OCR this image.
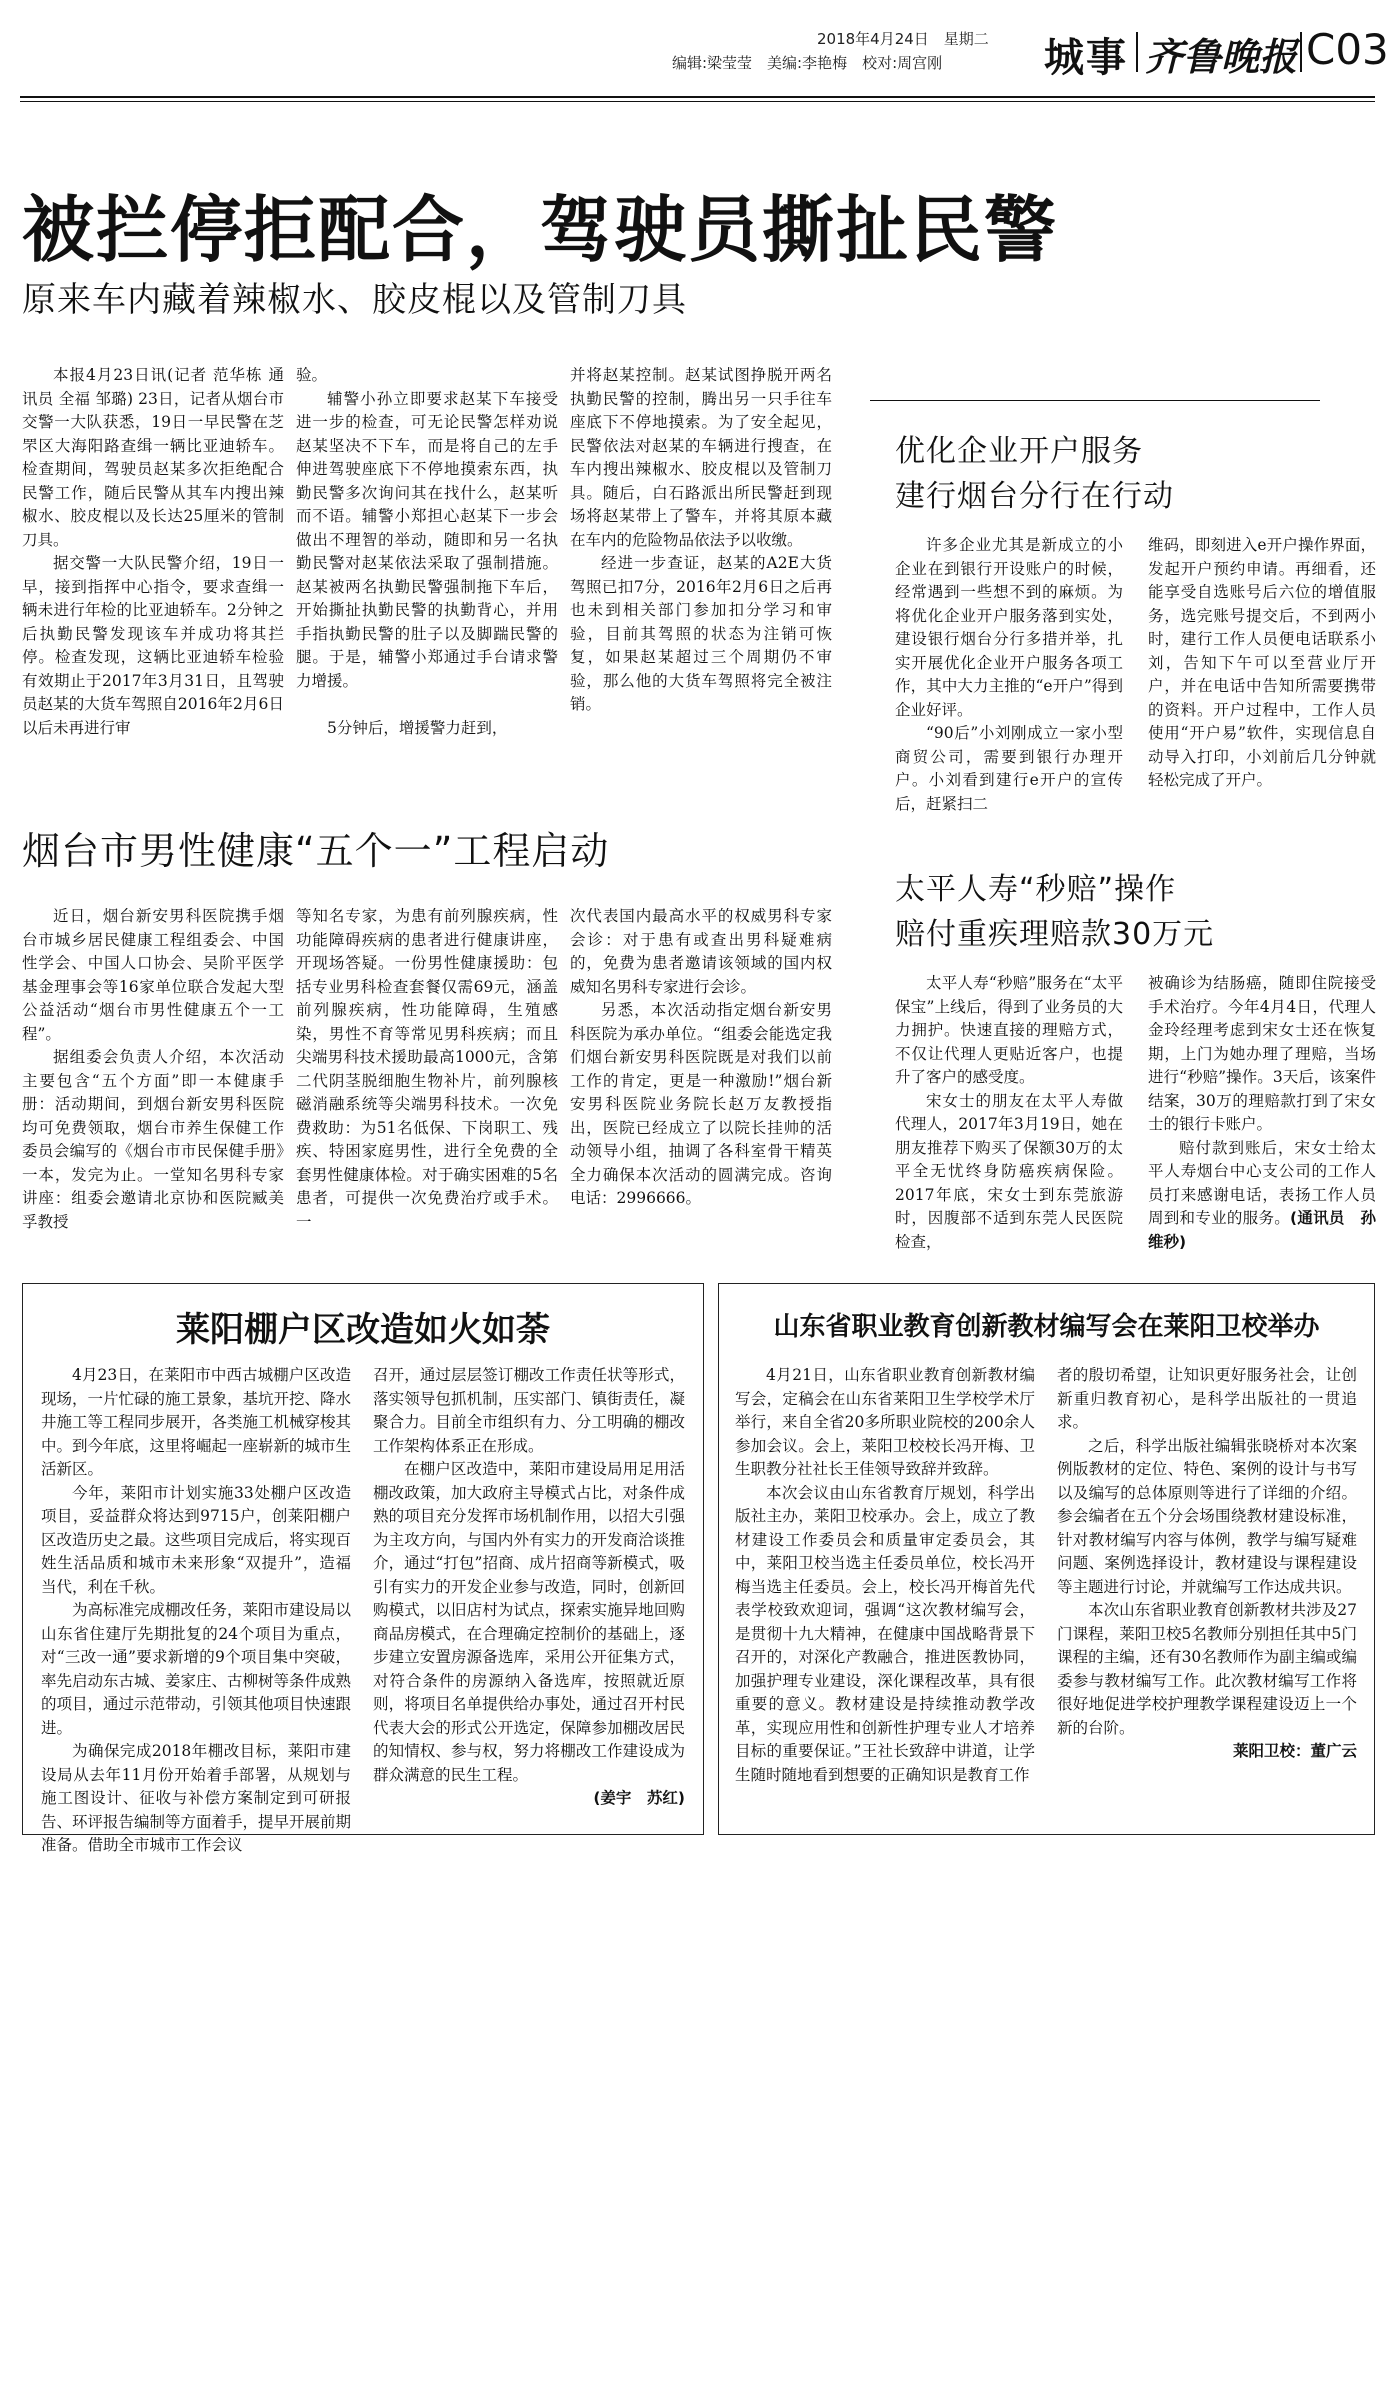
2018年4月24日　星期二
编辑:梁莹莹　美编:李艳梅　校对:周宫刚	城事 齐鲁晚报 C03
被拦停拒配合，驾驶员撕扯民警
原来车内藏着辣椒水、胶皮棍以及管制刀具

本报4月23日讯(记者 范华栋 通讯员 全福 邹璐) 23日，记者从烟台市交警一大队获悉，19日一早民警在芝罘区大海阳路查缉一辆比亚迪轿车。检查期间，驾驶员赵某多次拒绝配合民警工作，随后民警从其车内搜出辣椒水、胶皮棍以及长达25厘米的管制刀具。

据交警一大队民警介绍，19日一早，接到指挥中心指令，要求查缉一辆未进行年检的比亚迪轿车。2分钟之后执勤民警发现该车并成功将其拦停。检查发现，这辆比亚迪轿车检验有效期止于2017年3月31日，且驾驶员赵某的大货车驾照自2016年2月6日以后未再进行审

验。

辅警小孙立即要求赵某下车接受进一步的检查，可无论民警怎样劝说赵某坚决不下车，而是将自己的左手伸进驾驶座底下不停地摸索东西，执勤民警多次询问其在找什么，赵某听而不语。辅警小郑担心赵某下一步会做出不理智的举动，随即和另一名执勤民警对赵某依法采取了强制措施。赵某被两名执勤民警强制拖下车后，开始撕扯执勤民警的执勤背心，并用手指执勤民警的肚子以及脚踹民警的腿。于是，辅警小郑通过手台请求警力增援。

5分钟后，增援警力赶到，

并将赵某控制。赵某试图挣脱开两名执勤民警的控制，腾出另一只手往车座底下不停地摸索。为了安全起见，民警依法对赵某的车辆进行搜查，在车内搜出辣椒水、胶皮棍以及管制刀具。随后，白石路派出所民警赶到现场将赵某带上了警车，并将其原本藏在车内的危险物品依法予以收缴。

经进一步查证，赵某的A2E大货驾照已扣7分，2016年2月6日之后再也未到相关部门参加扣分学习和审验，目前其驾照的状态为注销可恢复，如果赵某超过三个周期仍不审验，那么他的大货车驾照将完全被注销。

烟台市男性健康“五个一”工程启动

近日，烟台新安男科医院携手烟台市城乡居民健康工程组委会、中国性学会、中国人口协会、吴阶平医学基金理事会等16家单位联合发起大型公益活动“烟台市男性健康五个一工程”。

据组委会负责人介绍，本次活动主要包含“五个方面”即一本健康手册：活动期间，到烟台新安男科医院均可免费领取，烟台市养生保健工作委员会编写的《烟台市市民保健手册》一本，发完为止。一堂知名男科专家讲座：组委会邀请北京协和医院臧美孚教授

等知名专家，为患有前列腺疾病，性功能障碍疾病的患者进行健康讲座，开现场答疑。一份男性健康援助：包括专业男科检查套餐仅需69元，涵盖前列腺疾病，性功能障碍，生殖感染，男性不育等常见男科疾病；而且尖端男科技术援助最高1000元，含第二代阴茎脱细胞生物补片，前列腺核磁消融系统等尖端男科技术。一次免费救助：为51名低保、下岗职工、残疾、特困家庭男性，进行全免费的全套男性健康体检。对于确实困难的5名患者，可提供一次免费治疗或手术。一

次代表国内最高水平的权威男科专家会诊：对于患有或查出男科疑难病的，免费为患者邀请该领域的国内权威知名男科专家进行会诊。

另悉，本次活动指定烟台新安男科医院为承办单位。“组委会能选定我们烟台新安男科医院既是对我们以前工作的肯定，更是一种激励!”烟台新安男科医院业务院长赵万友教授指出，医院已经成立了以院长挂帅的活动领导小组，抽调了各科室骨干精英全力确保本次活动的圆满完成。咨询电话：2996666。

优化企业开户服务
建行烟台分行在行动

许多企业尤其是新成立的小企业在到银行开设账户的时候，经常遇到一些想不到的麻烦。为将优化企业开户服务落到实处，建设银行烟台分行多措并举，扎实开展优化企业开户服务各项工作，其中大力主推的“e开户”得到企业好评。

“90后”小刘刚成立一家小型商贸公司，需要到银行办理开户。小刘看到建行e开户的宣传后，赶紧扫二

维码，即刻进入e开户操作界面，发起开户预约申请。再细看，还能享受自选账号后六位的增值服务，选完账号提交后，不到两小时，建行工作人员便电话联系小刘，告知下午可以至营业厅开户，并在电话中告知所需要携带的资料。开户过程中，工作人员使用“开户易”软件，实现信息自动导入打印，小刘前后几分钟就轻松完成了开户。

太平人寿“秒赔”操作
赔付重疾理赔款30万元

太平人寿“秒赔”服务在“太平保宝”上线后，得到了业务员的大力拥护。快速直接的理赔方式，不仅让代理人更贴近客户，也提升了客户的感受度。

宋女士的朋友在太平人寿做代理人，2017年3月19日，她在朋友推荐下购买了保额30万的太平全无忧终身防癌疾病保险。2017年底，宋女士到东莞旅游时，因腹部不适到东莞人民医院检查，

被确诊为结肠癌，随即住院接受手术治疗。今年4月4日，代理人金玲经理考虑到宋女士还在恢复期，上门为她办理了理赔，当场进行“秒赔”操作。3天后，该案件结案，30万的理赔款打到了宋女士的银行卡账户。

赔付款到账后，宋女士给太平人寿烟台中心支公司的工作人员打来感谢电话，表扬工作人员周到和专业的服务。(通讯员　孙维秒)

莱阳棚户区改造如火如荼

4月23日，在莱阳市中西古城棚户区改造现场，一片忙碌的施工景象，基坑开挖、降水井施工等工程同步展开，各类施工机械穿梭其中。到今年底，这里将崛起一座崭新的城市生活新区。

今年，莱阳市计划实施33处棚户区改造项目，妥益群众将达到9715户，创莱阳棚户区改造历史之最。这些项目完成后，将实现百姓生活品质和城市未来形象“双提升”，造福当代，利在千秋。

为高标准完成棚改任务，莱阳市建设局以山东省住建厅先期批复的24个项目为重点，对“三改一通”要求新增的9个项目集中突破，率先启动东古城、姜家庄、古柳树等条件成熟的项目，通过示范带动，引领其他项目快速跟进。

为确保完成2018年棚改目标，莱阳市建设局从去年11月份开始着手部署，从规划与施工图设计、征收与补偿方案制定到可研报告、环评报告编制等方面着手，提早开展前期准备。借助全市城市工作会议

召开，通过层层签订棚改工作责任状等形式，落实领导包抓机制，压实部门、镇街责任，凝聚合力。目前全市组织有力、分工明确的棚改工作架构体系正在形成。

在棚户区改造中，莱阳市建设局用足用活棚改政策，加大政府主导模式占比，对条件成熟的项目充分发挥市场机制作用，以招大引强为主攻方向，与国内外有实力的开发商洽谈推介，通过“打包”招商、成片招商等新模式，吸引有实力的开发企业参与改造，同时，创新回购模式，以旧店村为试点，探索实施异地回购商品房模式，在合理确定控制价的基础上，逐步建立安置房源备选库，采用公开征集方式，对符合条件的房源纳入备选库，按照就近原则，将项目名单提供给办事处，通过召开村民代表大会的形式公开选定，保障参加棚改居民的知情权、参与权，努力将棚改工作建设成为群众满意的民生工程。

(姜宇　苏红)

山东省职业教育创新教材编写会在莱阳卫校举办

4月21日，山东省职业教育创新教材编写会，定稿会在山东省莱阳卫生学校学术厅举行，来自全省20多所职业院校的200余人参加会议。会上，莱阳卫校校长冯开梅、卫生职教分社社长王佳领导致辞并致辞。

本次会议由山东省教育厅规划，科学出版社主办，莱阳卫校承办。会上，成立了教材建设工作委员会和质量审定委员会，其中，莱阳卫校当选主任委员单位，校长冯开梅当选主任委员。会上，校长冯开梅首先代表学校致欢迎词，强调“这次教材编写会，是贯彻十九大精神，在健康中国战略背景下召开的，对深化产教融合，推进医教协同，加强护理专业建设，深化课程改革，具有很重要的意义。教材建设是持续推动教学改革，实现应用性和创新性护理专业人才培养目标的重要保证。”王社长致辞中讲道，让学生随时随地看到想要的正确知识是教育工作

者的殷切希望，让知识更好服务社会，让创新重归教育初心，是科学出版社的一贯追求。

之后，科学出版社编辑张晓桥对本次案例版教材的定位、特色、案例的设计与书写以及编写的总体原则等进行了详细的介绍。参会编者在五个分会场围绕教材建设标准，针对教材编写内容与体例，教学与编写疑难问题、案例选择设计，教材建设与课程建设等主题进行讨论，并就编写工作达成共识。

本次山东省职业教育创新教材共涉及27门课程，莱阳卫校5名教师分别担任其中5门课程的主编，还有30名教师作为副主编或编委参与教材编写工作。此次教材编写工作将很好地促进学校护理教学课程建设迈上一个新的台阶。

莱阳卫校：董广云
